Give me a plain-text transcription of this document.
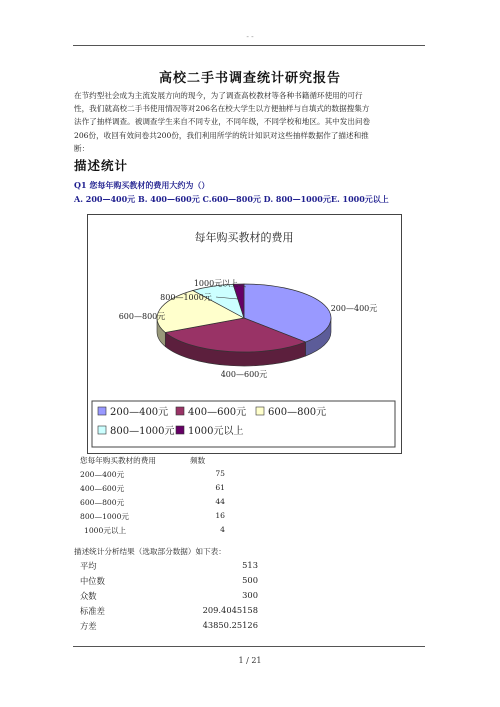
- -
高校二手书调查统计研究报告
在节约型社会成为主流发展方向的现今，为了调查高校教材等各种书籍循环使用的可行
性，我们就高校二手书使用情况等对206名在校大学生以方便抽样与自填式的数据搜集方
法作了抽样调查。被调查学生来自不同专业，不同年级，不同学校和地区。其中发出问卷
206份，收回有效问卷共200份，我们利用所学的统计知识对这些抽样数据作了描述和推
断：
描述统计
Q1 您每年购买教材的费用大约为（）
A. 200—400元 B. 400—600元 C.600—800元 D. 800—1000元E. 1000元以上
每年购买教材的费用
200—400元
400—600元
600—800元
800—1000元
1000元以上
200—400元 400—600元 600—800元
800—1000元 1000元以上
您每年购买教材的费用	频数
200—400元	75
400—600元	61
600—800元	44
800—1000元	16
1000元以上	4
描述统计分析结果（选取部分数据）如下表：
平均	513
中位数	500
众数	300
标准差	209.4045158
方差	43850.25126
1 / 21
